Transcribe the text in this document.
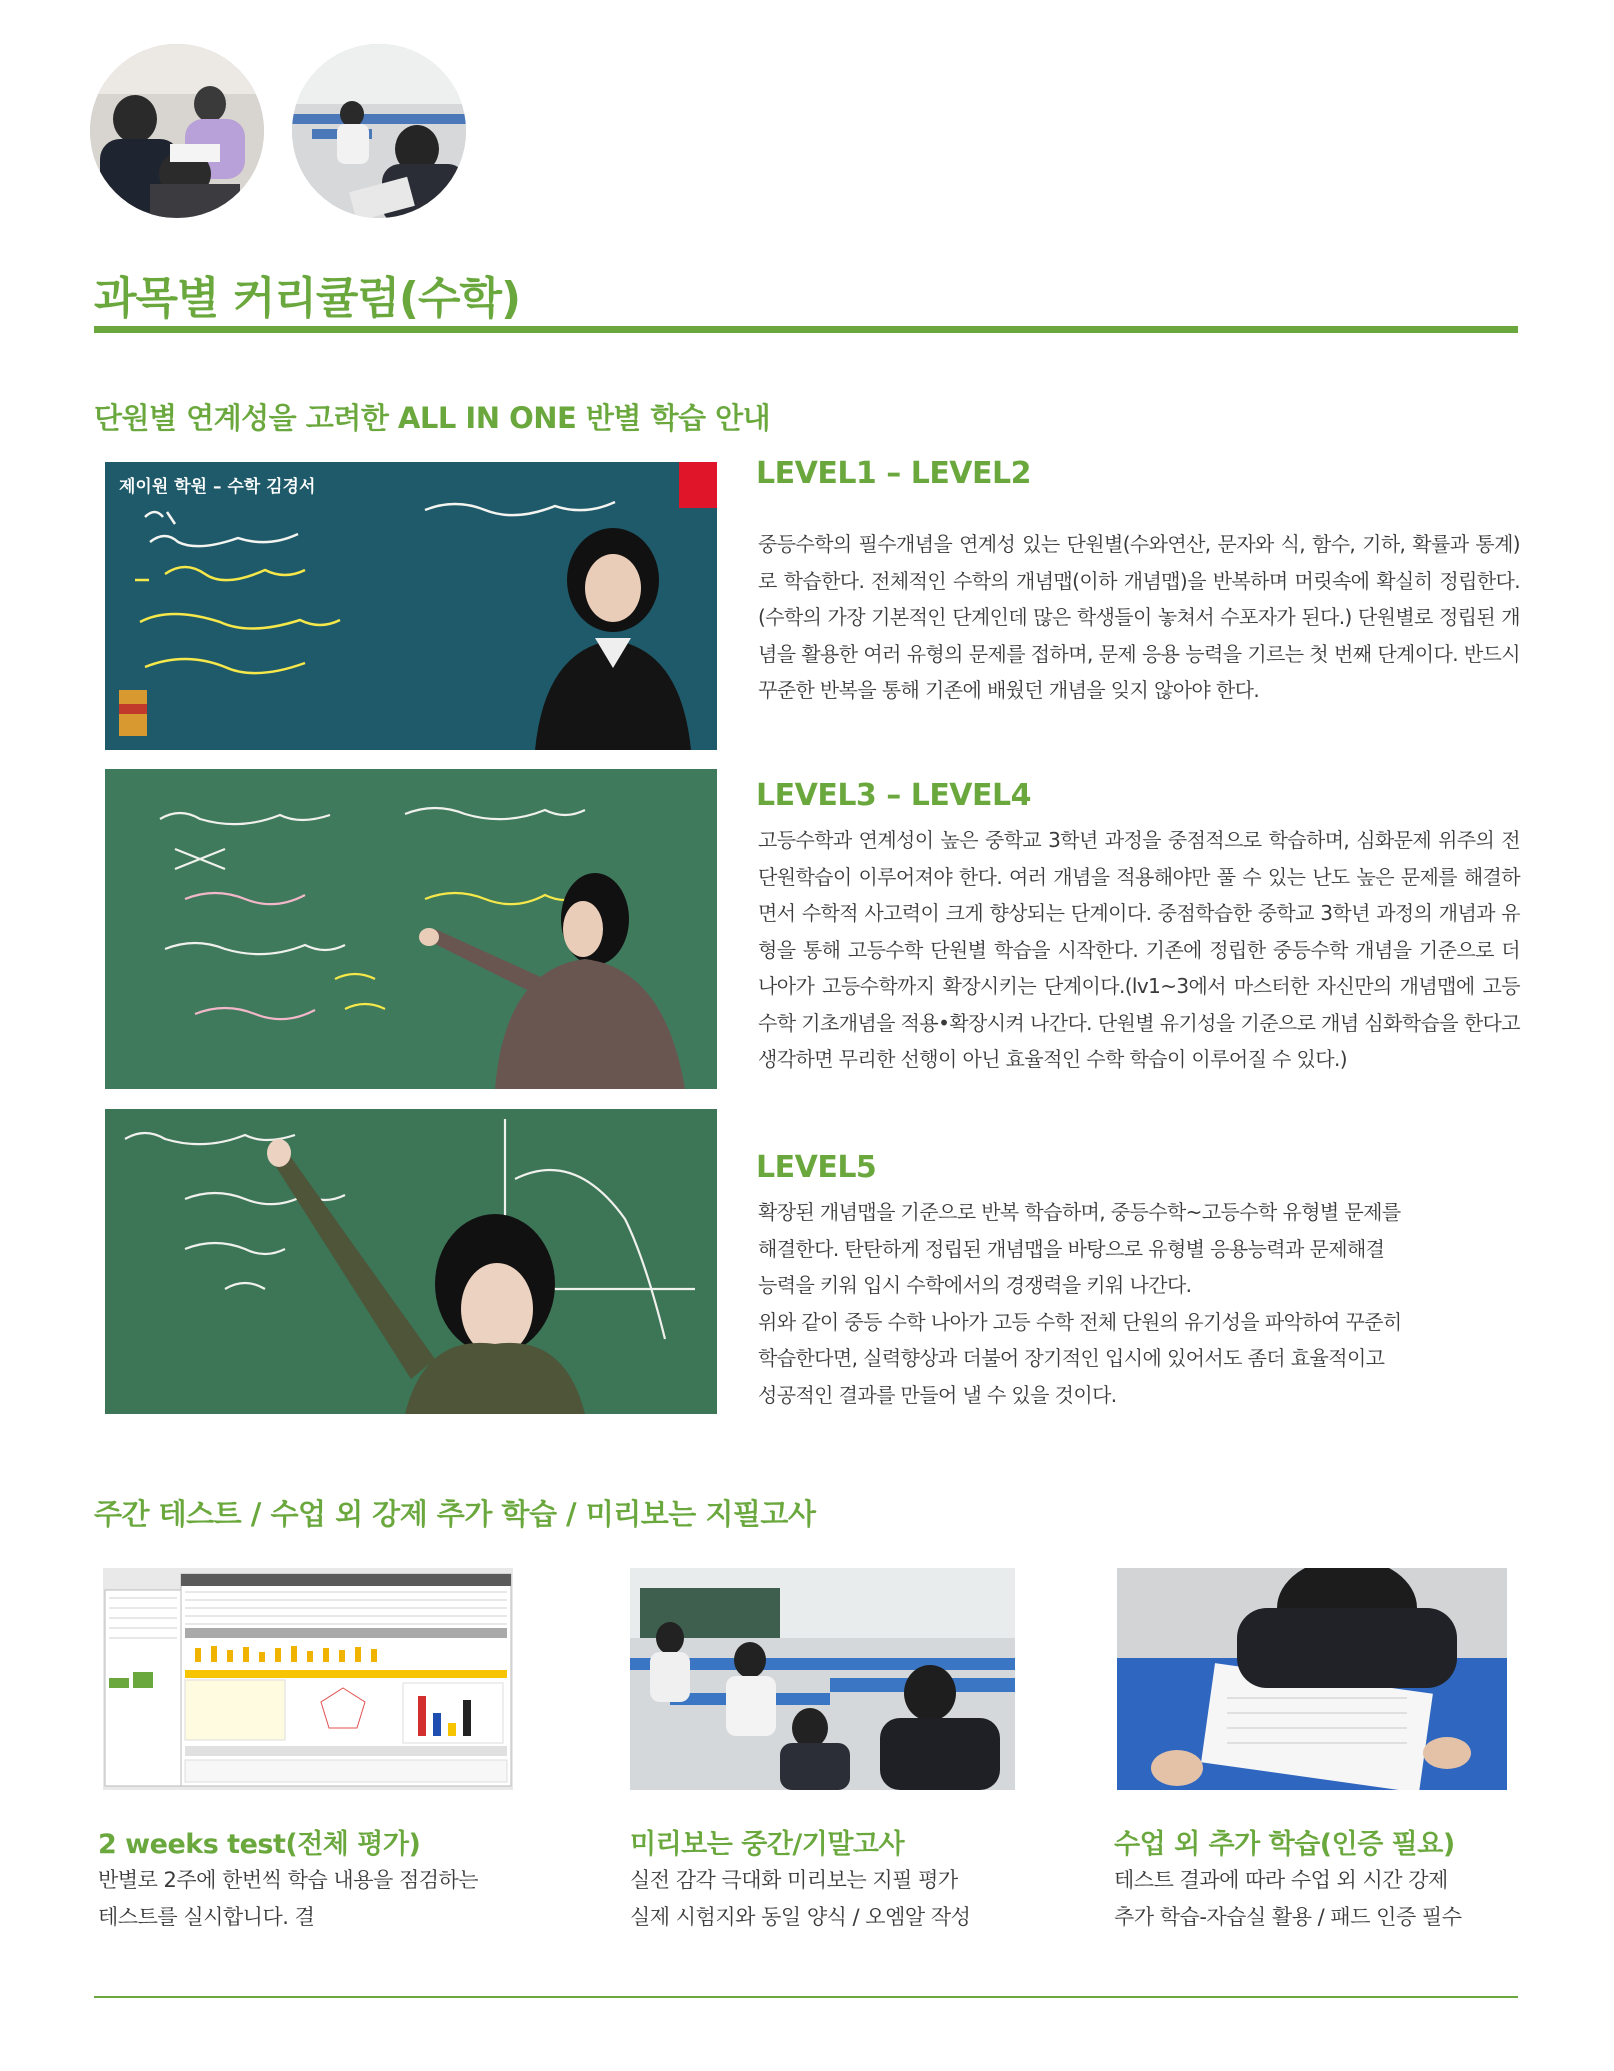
과목별 커리큘럼(수학)
단원별 연계성을 고려한 ALL IN ONE 반별 학습 안내
제이원 학원 – 수학 김경서	LEVEL1 – LEVEL2

중등수학의 필수개념을 연계성 있는 단원별(수와연산, 문자와 식, 함수, 기하, 확률과 통계)로 학습한다. 전체적인 수학의 개념맵(이하 개념맵)을 반복하며 머릿속에 확실히 정립한다. (수학의 가장 기본적인 단계인데 많은 학생들이 놓쳐서 수포자가 된다.) 단원별로 정립된 개념을 활용한 여러 유형의 문제를 접하며, 문제 응용 능력을 기르는 첫 번째 단계이다. 반드시 꾸준한 반복을 통해 기존에 배웠던 개념을 잊지 않아야 한다.

LEVEL3 – LEVEL4

고등수학과 연계성이 높은 중학교 3학년 과정을 중점적으로 학습하며, 심화문제 위주의 전 단원학습이 이루어져야 한다. 여러 개념을 적용해야만 풀 수 있는 난도 높은 문제를 해결하면서 수학적 사고력이 크게 향상되는 단계이다. 중점학습한 중학교 3학년 과정의 개념과 유형을 통해 고등수학 단원별 학습을 시작한다. 기존에 정립한 중등수학 개념을 기준으로 더 나아가 고등수학까지 확장시키는 단계이다.(lv1~3에서 마스터한 자신만의 개념맵에 고등수학 기초개념을 적용•확장시켜 나간다. 단원별 유기성을 기준으로 개념 심화학습을 한다고 생각하면 무리한 선행이 아닌 효율적인 수학 학습이 이루어질 수 있다.)

LEVEL5
확장된 개념맵을 기준으로 반복 학습하며, 중등수학~고등수학 유형별 문제를
해결한다. 탄탄하게 정립된 개념맵을 바탕으로 유형별 응용능력과 문제해결
능력을 키워 입시 수학에서의 경쟁력을 키워 나간다.
위와 같이 중등 수학 나아가 고등 수학 전체 단원의 유기성을 파악하여 꾸준히
학습한다면, 실력향상과 더불어 장기적인 입시에 있어서도 좀더 효율적이고
성공적인 결과를 만들어 낼 수 있을 것이다.
주간 테스트 / 수업 외 강제 추가 학습 / 미리보는 지필고사
2 weeks test(전체 평가)
반별로 2주에 한번씩 학습 내용을 점검하는
테스트를 실시합니다. 결
미리보는 중간/기말고사
실전 감각 극대화 미리보는 지필 평가
실제 시험지와 동일 양식 / 오엠알 작성
수업 외 추가 학습(인증 필요)
테스트 결과에 따라 수업 외 시간 강제
추가 학습-자습실 활용 / 패드 인증 필수
